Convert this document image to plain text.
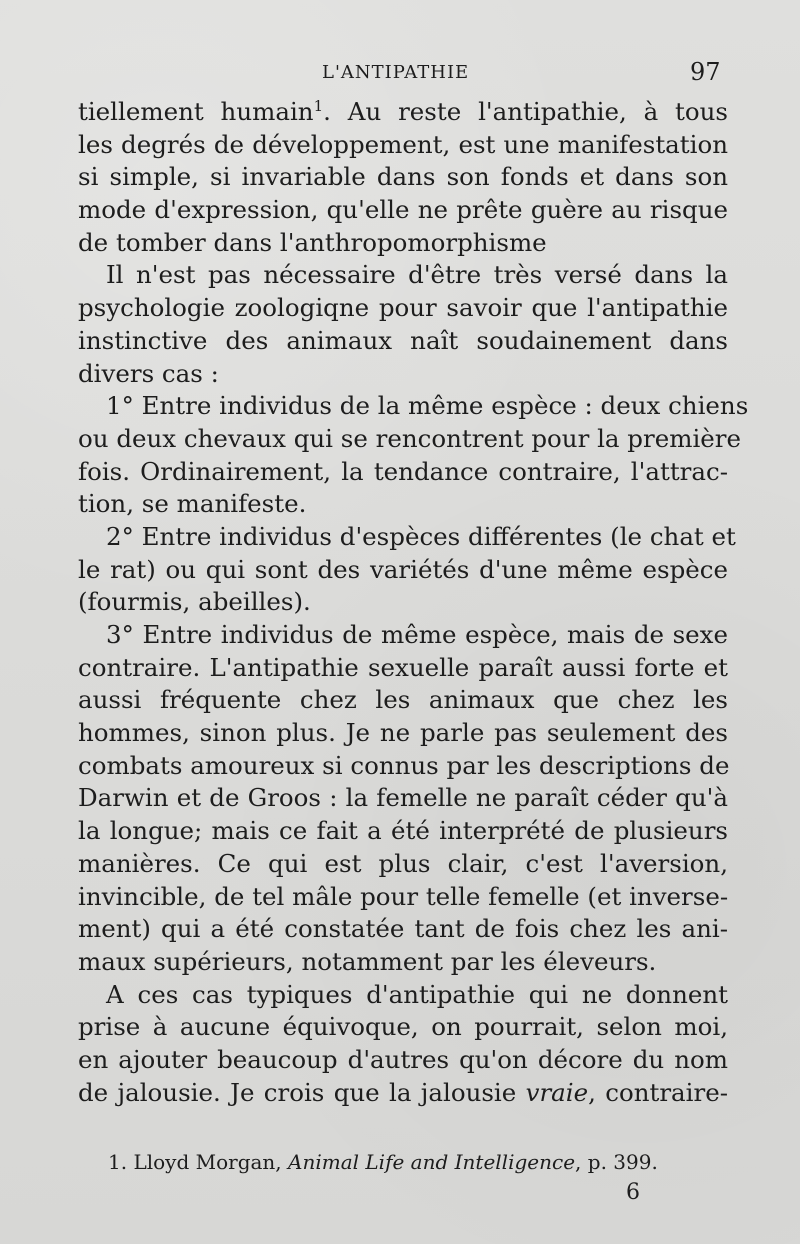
L'ANTIPATHIE	97
tiellement humain$^1$. Au reste l'antipathie, à tous
les degrés de développement, est une manifestation
si simple, si invariable dans son fonds et dans son
mode d'expression, qu'elle ne prête guère au risque
de tomber dans l'anthropomorphisme
Il n'est pas nécessaire d'être très versé dans la
psychologie zoologiqne pour savoir que l'antipathie
instinctive des animaux naît soudainement dans
divers cas :
1° Entre individus de la même espèce : deux chiens
ou deux chevaux qui se rencontrent pour la première
fois. Ordinairement, la tendance contraire, l'attrac-
tion, se manifeste.
2° Entre individus d'espèces différentes (le chat et
le rat) ou qui sont des variétés d'une même espèce
(fourmis, abeilles).
3° Entre individus de même espèce, mais de sexe
contraire. L'antipathie sexuelle paraît aussi forte et
aussi fréquente chez les animaux que chez les
hommes, sinon plus. Je ne parle pas seulement des
combats amoureux si connus par les descriptions de
Darwin et de Groos : la femelle ne paraît céder qu'à
la longue; mais ce fait a été interprété de plusieurs
manières. Ce qui est plus clair, c'est l'aversion,
invincible, de tel mâle pour telle femelle (et inverse-
ment) qui a été constatée tant de fois chez les ani-
maux supérieurs, notamment par les éleveurs.
A ces cas typiques d'antipathie qui ne donnent
prise à aucune équivoque, on pourrait, selon moi,
en ajouter beaucoup d'autres qu'on décore du nom
de jalousie. Je crois que la jalousie vraie, contraire-
1. Lloyd Morgan, Animal Life and Intelligence, p. 399.
6
